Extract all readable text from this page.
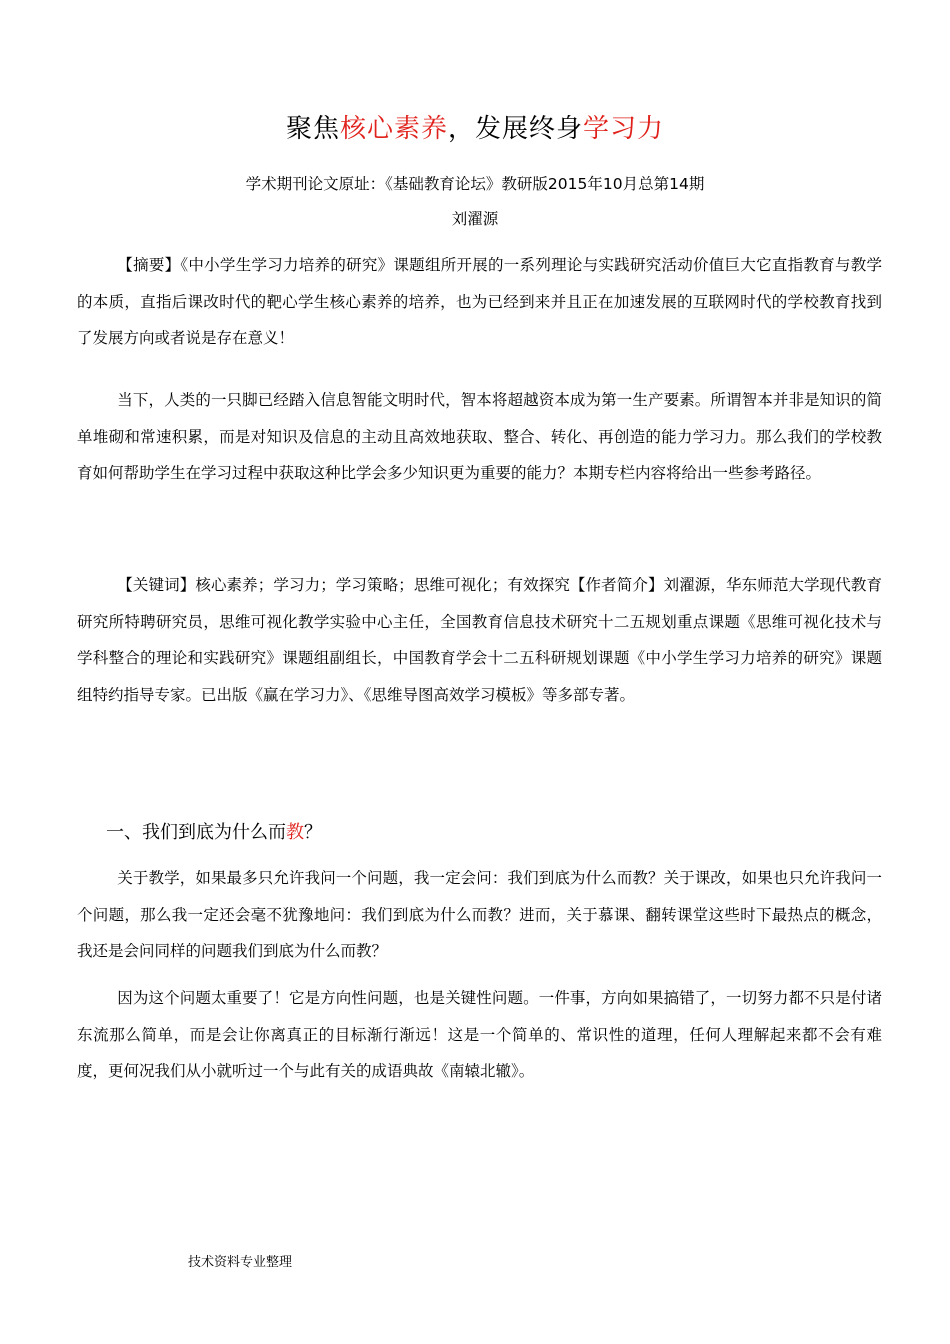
聚焦核心素养，发展终身学习力
学术期刊论文原址：《基础教育论坛》教研版2015年10月总第14期
刘濯源

【摘要】《中小学生学习力培养的研究》课题组所开展的一系列理论与实践研究活动价值巨大它直指教育与教学的本质，直指后课改时代的靶心学生核心素养的培养，也为已经到来并且正在加速发展的互联网时代的学校教育找到了发展方向或者说是存在意义！

当下，人类的一只脚已经踏入信息智能文明时代，智本将超越资本成为第一生产要素。所谓智本并非是知识的简单堆砌和常速积累，而是对知识及信息的主动且高效地获取、整合、转化、再创造的能力学习力。那么我们的学校教育如何帮助学生在学习过程中获取这种比学会多少知识更为重要的能力？本期专栏内容将给出一些参考路径。

【关键词】核心素养；学习力；学习策略；思维可视化；有效探究【作者简介】刘濯源，华东师范大学现代教育研究所特聘研究员，思维可视化教学实验中心主任，全国教育信息技术研究十二五规划重点课题《思维可视化技术与学科整合的理论和实践研究》课题组副组长，中国教育学会十二五科研规划课题《中小学生学习力培养的研究》课题组特约指导专家。已出版《赢在学习力》、《思维导图高效学习模板》等多部专著。

一、我们到底为什么而教？

关于教学，如果最多只允许我问一个问题，我一定会问：我们到底为什么而教？关于课改，如果也只允许我问一个问题，那么我一定还会毫不犹豫地问：我们到底为什么而教？进而，关于慕课、翻转课堂这些时下最热点的概念，我还是会问同样的问题我们到底为什么而教？

因为这个问题太重要了！它是方向性问题，也是关键性问题。一件事，方向如果搞错了，一切努力都不只是付诸东流那么简单，而是会让你离真正的目标渐行渐远！这是一个简单的、常识性的道理，任何人理解起来都不会有难度，更何况我们从小就听过一个与此有关的成语典故《南辕北辙》。

技术资料专业整理
